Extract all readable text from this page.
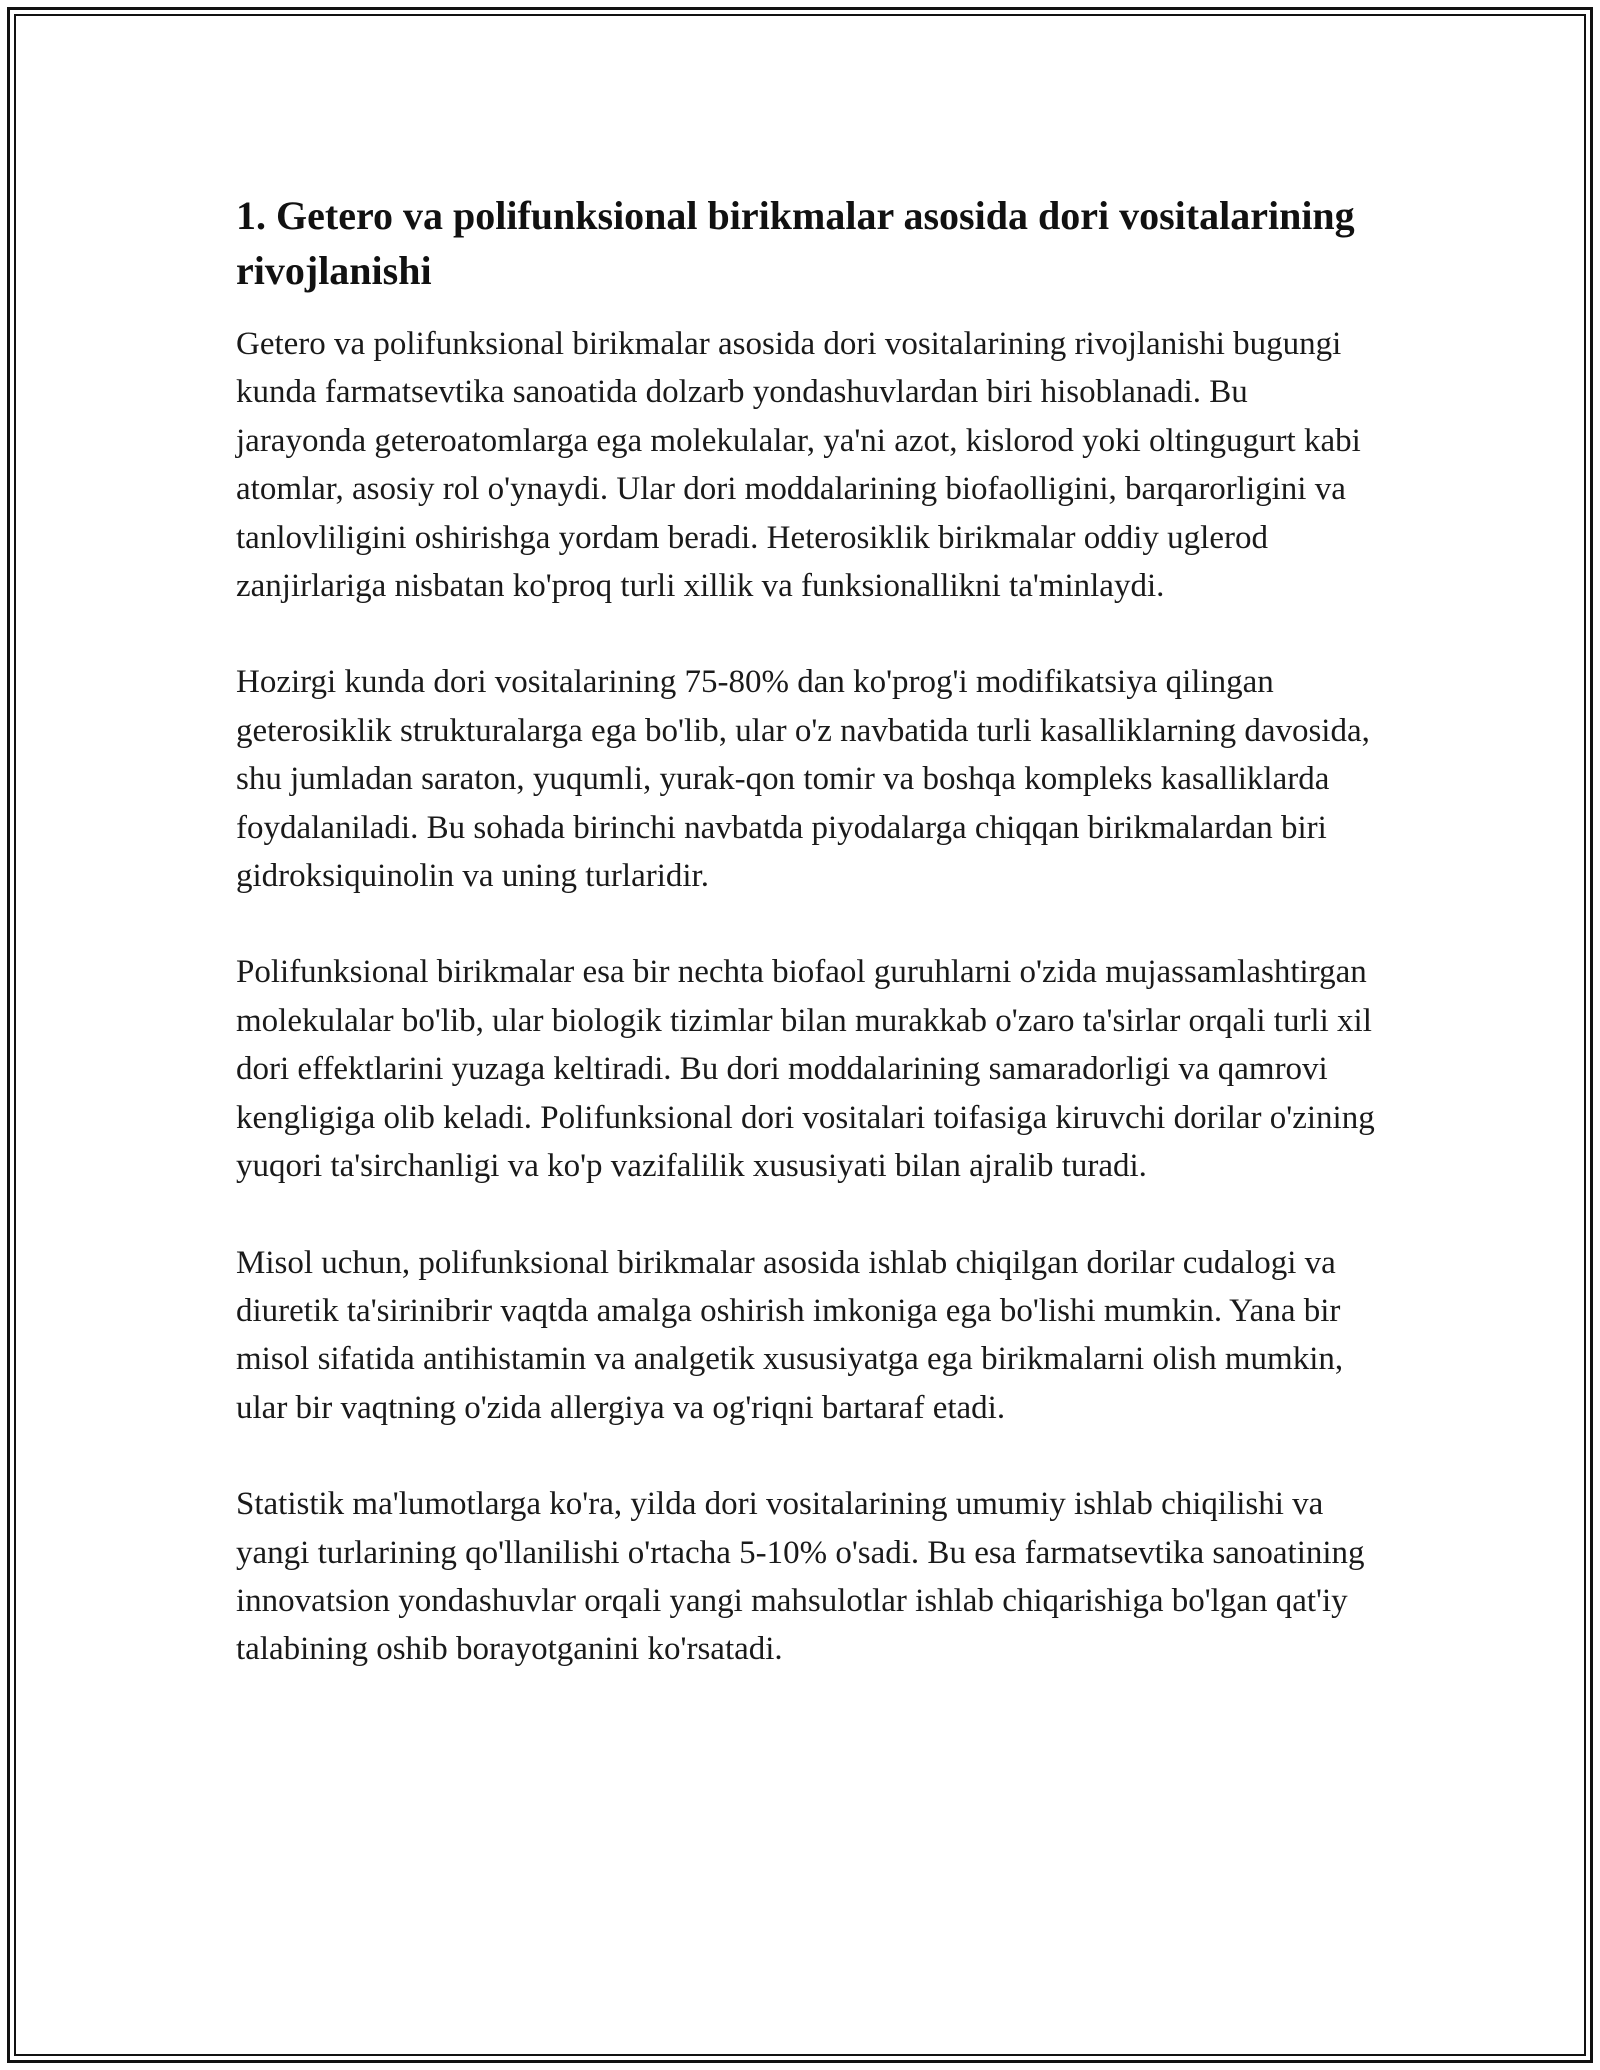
1. Getero va polifunksional birikmalar asosida dori vositalarining rivojlanishi

Getero va polifunksional birikmalar asosida dori vositalarining rivojlanishi bugungi kunda farmatsevtika sanoatida dolzarb yondashuvlardan biri hisoblanadi. Bu jarayonda geteroatomlarga ega molekulalar, ya'ni azot, kislorod yoki oltingugurt kabi atomlar, asosiy rol o'ynaydi. Ular dori moddalarining biofaolligini, barqarorligini va tanlovliligini oshirishga yordam beradi. Heterosiklik birikmalar oddiy uglerod zanjirlariga nisbatan ko'proq turli xillik va funksionallikni ta'minlaydi.

Hozirgi kunda dori vositalarining 75-80% dan ko'prog'i modifikatsiya qilingan geterosiklik strukturalarga ega bo'lib, ular o'z navbatida turli kasalliklarning davosida, shu jumladan saraton, yuqumli, yurak-qon tomir va boshqa kompleks kasalliklarda foydalaniladi. Bu sohada birinchi navbatda piyodalarga chiqqan birikmalardan biri gidroksiquinolin va uning turlaridir.

Polifunksional birikmalar esa bir nechta biofaol guruhlarni o'zida mujassamlashtirgan molekulalar bo'lib, ular biologik tizimlar bilan murakkab o'zaro ta'sirlar orqali turli xil dori effektlarini yuzaga keltiradi. Bu dori moddalarining samaradorligi va qamrovi kengligiga olib keladi. Polifunksional dori vositalari toifasiga kiruvchi dorilar o'zining yuqori ta'sirchanligi va ko'p vazifalilik xususiyati bilan ajralib turadi.

Misol uchun, polifunksional birikmalar asosida ishlab chiqilgan dorilar cudalogi va diuretik ta'sirinibrir vaqtda amalga oshirish imkoniga ega bo'lishi mumkin. Yana bir misol sifatida antihistamin va analgetik xususiyatga ega birikmalarni olish mumkin, ular bir vaqtning o'zida allergiya va og'riqni bartaraf etadi.

Statistik ma'lumotlarga ko'ra, yilda dori vositalarining umumiy ishlab chiqilishi va yangi turlarining qo'llanilishi o'rtacha 5-10% o'sadi. Bu esa farmatsevtika sanoatining innovatsion yondashuvlar orqali yangi mahsulotlar ishlab chiqarishiga bo'lgan qat'iy talabining oshib borayotganini ko'rsatadi.
